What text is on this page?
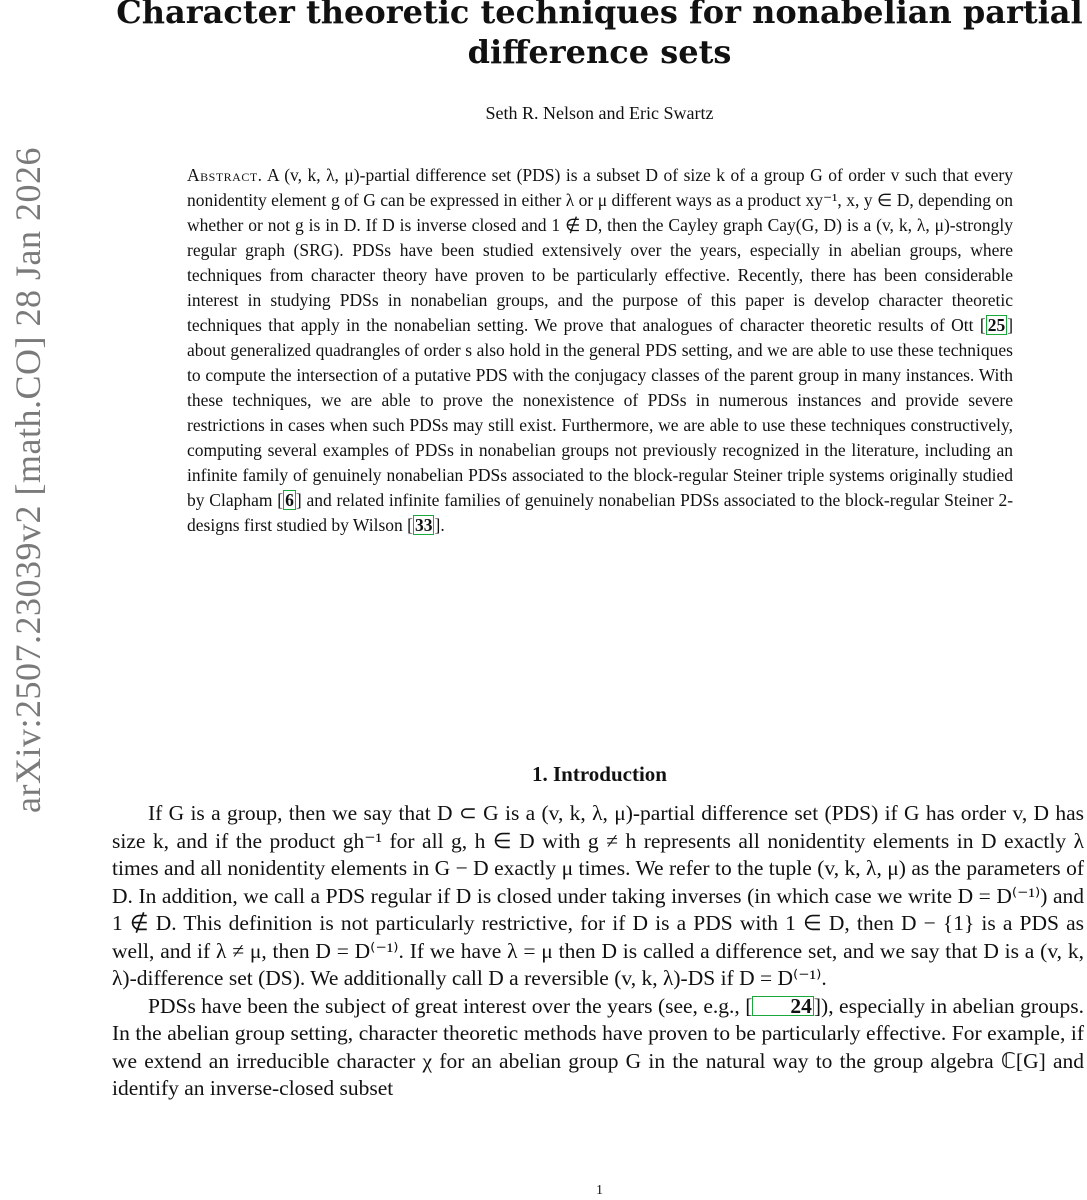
arXiv:2507.23039v2 [math.CO] 28 Jan 2026
Character theoretic techniques for nonabelian partial difference sets
Seth R. Nelson and Eric Swartz
Abstract. A (v, k, λ, μ)-partial difference set (PDS) is a subset D of size k of a group G of order v such that every nonidentity element g of G can be expressed in either λ or μ different ways as a product xy⁻¹, x, y ∈ D, depending on whether or not g is in D. If D is inverse closed and 1 ∉ D, then the Cayley graph Cay(G, D) is a (v, k, λ, μ)-strongly regular graph (SRG). PDSs have been studied extensively over the years, especially in abelian groups, where techniques from character theory have proven to be particularly effective. Recently, there has been considerable interest in studying PDSs in nonabelian groups, and the purpose of this paper is develop character theoretic techniques that apply in the nonabelian setting. We prove that analogues of character theoretic results of Ott [ 25 ] about generalized quadrangles of order s also hold in the general PDS setting, and we are able to use these techniques to compute the intersection of a putative PDS with the conjugacy classes of the parent group in many instances. With these techniques, we are able to prove the nonexistence of PDSs in numerous instances and provide severe restrictions in cases when such PDSs may still exist. Furthermore, we are able to use these techniques constructively, computing several examples of PDSs in nonabelian groups not previously recognized in the literature, including an infinite family of genuinely nonabelian PDSs associated to the block-regular Steiner triple systems originally studied by Clapham [ 6 ] and related infinite families of genuinely nonabelian PDSs associated to the block-regular Steiner 2-designs first studied by Wilson [ 33 ].
1. Introduction

If G is a group, then we say that D ⊂ G is a (v, k, λ, μ)-partial difference set (PDS) if G has order v, D has size k, and if the product gh⁻¹ for all g, h ∈ D with g ≠ h represents all nonidentity elements in D exactly λ times and all nonidentity elements in G − D exactly μ times. We refer to the tuple (v, k, λ, μ) as the parameters of D. In addition, we call a PDS regular if D is closed under taking inverses (in which case we write D = D⁽⁻¹⁾) and 1 ∉ D. This definition is not particularly restrictive, for if D is a PDS with 1 ∈ D, then D − {1} is a PDS as well, and if λ ≠ μ, then D = D⁽⁻¹⁾. If we have λ = μ then D is called a difference set, and we say that D is a (v, k, λ)-difference set (DS). We additionally call D a reversible (v, k, λ)-DS if D = D⁽⁻¹⁾.

PDSs have been the subject of great interest over the years (see, e.g., [ 24]), especially in abelian groups. In the abelian group setting, character theoretic methods have proven to be particularly effective. For example, if we extend an irreducible character χ for an abelian group G in the natural way to the group algebra ℂ[G] and identify an inverse-closed subset

1
